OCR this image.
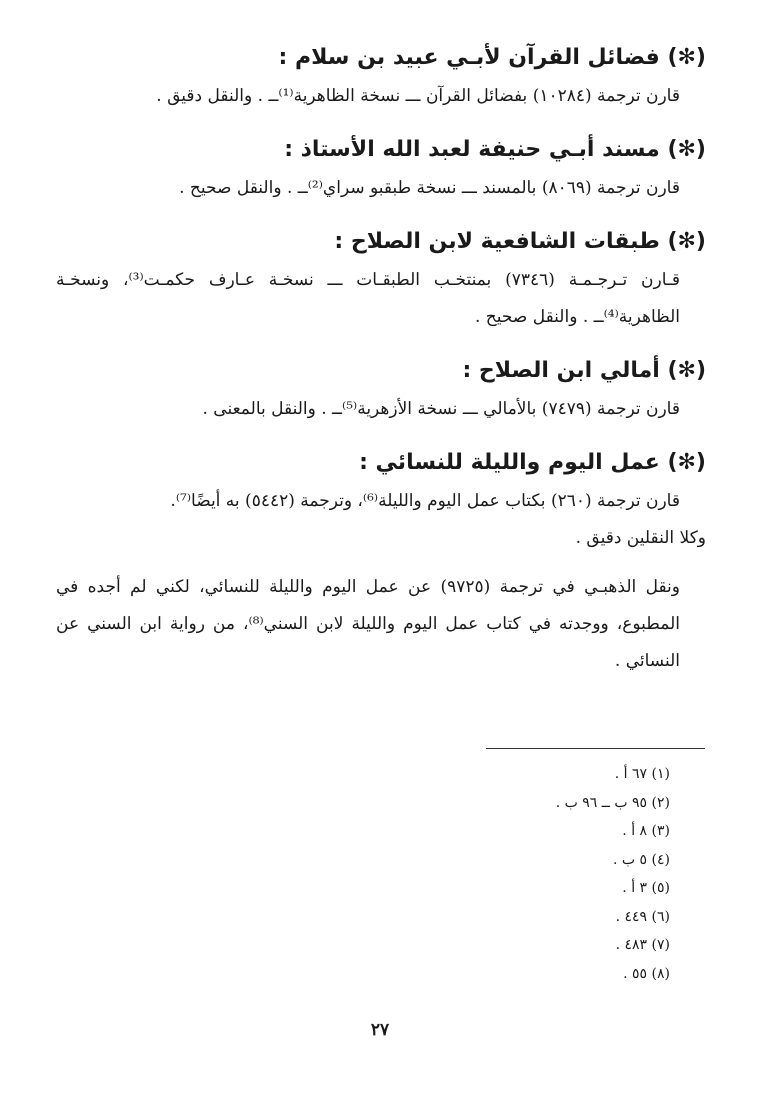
(✻) فضائل القرآن لأبـي عبيد بن سلام :
قارن ترجمة (١٠٢٨٤) بفضائل القرآن ـــ نسخة الظاهرية⁽¹⁾ــ . والنقل دقيق .
(✻) مسند أبـي حنيفة لعبد الله الأستاذ :
قارن ترجمة (٨٠٦٩) بالمسند ـــ نسخة طبقبو سراي⁽²⁾ــ . والنقل صحيح .
(✻) طبقات الشافعية لابن الصلاح :
قـارن تـرجـمـة (٧٣٤٦) بمنتخـب الطبقـات ـــ نسخـة عـارف حكمـت⁽³⁾، ونسخـة الظاهرية⁽⁴⁾ــ . والنقل صحيح .
(✻) أمالي ابن الصلاح :
قارن ترجمة (٧٤٧٩) بالأمالي ـــ نسخة الأزهرية⁽⁵⁾ــ . والنقل بالمعنى .
(✻) عمل اليوم والليلة للنسائي :
قارن ترجمة (٢٦٠) بكتاب عمل اليوم والليلة⁽⁶⁾، وترجمة (٥٤٤٢) به أيضًا⁽⁷⁾.
وكلا النقلين دقيق .
ونقل الذهبـي في ترجمة (٩٧٢٥) عن عمل اليوم والليلة للنسائي، لكني لم أجده في المطبوع، ووجدته في كتاب عمل اليوم والليلة لابن السني⁽⁸⁾، من رواية ابن السني عن النسائي .
(١) ٦٧ أ .
(٢) ٩٥ ب ــ ٩٦ ب .
(٣) ٨ أ .
(٤) ٥ ب .
(٥) ٣ أ .
(٦) ٤٤٩ .
(٧) ٤٨٣ .
(٨) ٥٥ .
٢٧
